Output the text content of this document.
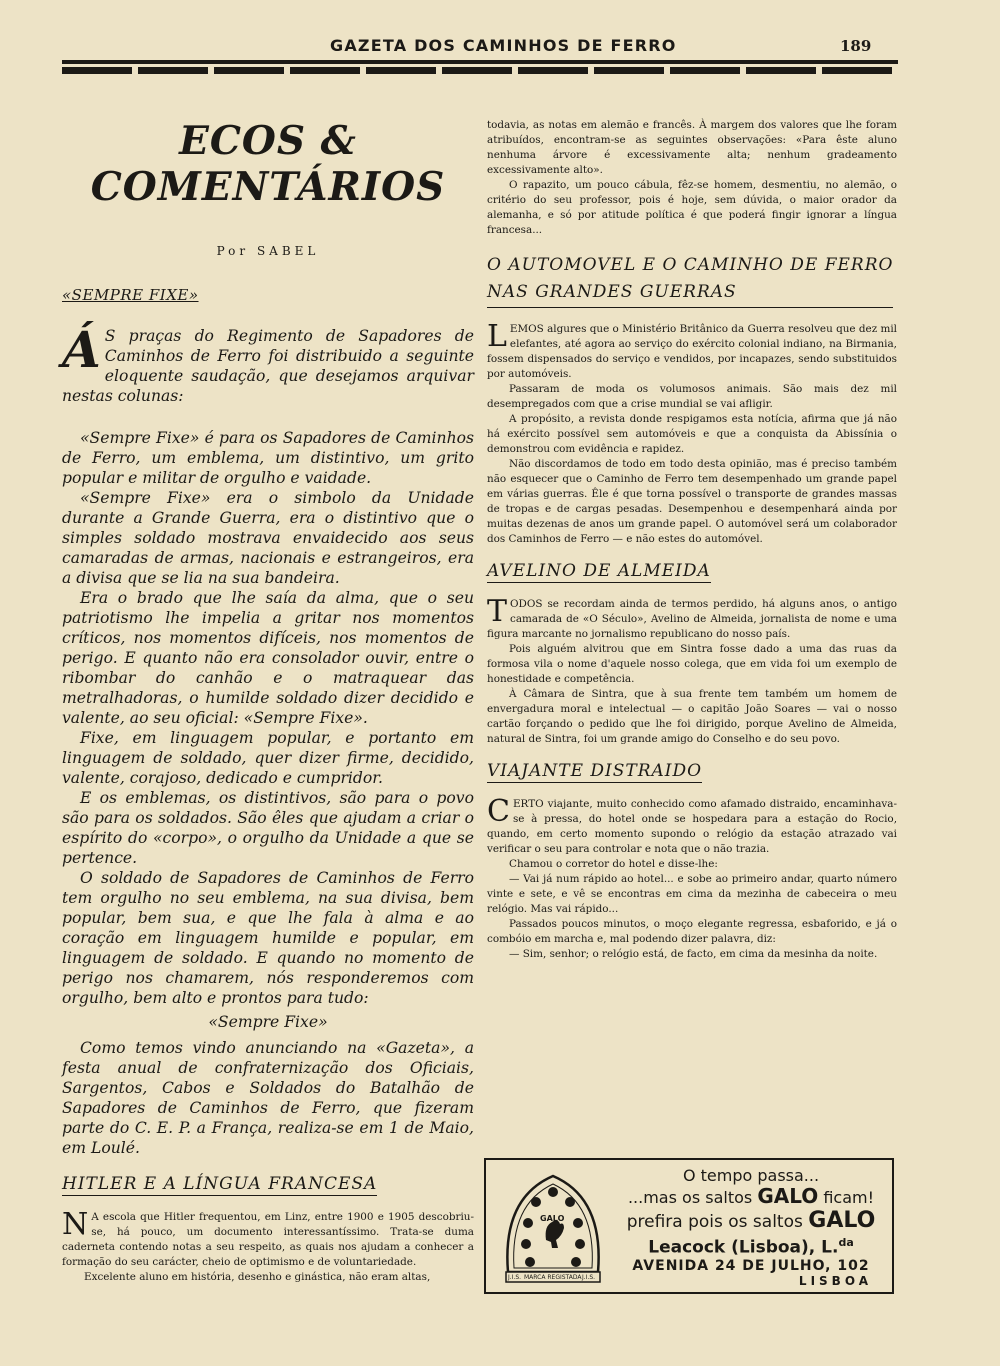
GAZETA DOS CAMINHOS DE FERRO	189
ECOS & COMENTÁRIOS
Por SABEL
«SEMPRE FIXE»

Á S praças do Regimento de Sapadores de Caminhos de Ferro foi distribuido a seguinte eloquente saudação, que desejamos arquivar nestas colunas:

«Sempre Fixe» é para os Sapadores de Caminhos de Ferro, um emblema, um distintivo, um grito popular e militar de orgulho e vaidade.

«Sempre Fixe» era o simbolo da Unidade durante a Grande Guerra, era o distintivo que o simples soldado mostrava envaidecido aos seus camaradas de armas, nacionais e estrangeiros, era a divisa que se lia na sua bandeira.

Era o brado que lhe saía da alma, que o seu patriotismo lhe impelia a gritar nos momentos críticos, nos momentos difíceis, nos momentos de perigo. E quanto não era consolador ouvir, entre o ribombar do canhão e o matraquear das metralhadoras, o humilde soldado dizer decidido e valente, ao seu oficial: «Sempre Fixe».

Fixe, em linguagem popular, e portanto em linguagem de soldado, quer dizer firme, decidido, valente, corajoso, dedicado e cumpridor.

E os emblemas, os distintivos, são para o povo são para os soldados. São êles que ajudam a criar o espírito do «corpo», o orgulho da Unidade a que se pertence.

O soldado de Sapadores de Caminhos de Ferro tem orgulho no seu emblema, na sua divisa, bem popular, bem sua, e que lhe fala à alma e ao coração em linguagem humilde e popular, em linguagem de soldado. E quando no momento de perigo nos chamarem, nós responderemos com orgulho, bem alto e prontos para tudo:

«Sempre Fixe»

Como temos vindo anunciando na «Gazeta», a festa anual de confraternização dos Oficiais, Sargentos, Cabos e Soldados do Batalhão de Sapadores de Caminhos de Ferro, que fizeram parte do C. E. P. a França, realiza-se em 1 de Maio, em Loulé.

HITLER E A LÍNGUA FRANCESA

N A escola que Hitler frequentou, em Linz, entre 1900 e 1905 descobriu-se, há pouco, um documento interessantíssimo. Trata-se duma caderneta contendo notas a seu respeito, as quais nos ajudam a conhecer a formação do seu carácter, cheio de optimismo e de voluntariedade.

Excelente aluno em história, desenho e ginástica, não eram altas,

todavia, as notas em alemão e francês. À margem dos valores que lhe foram atribuídos, encontram-se as seguintes observações: «Para êste aluno nenhuma árvore é excessivamente alta; nenhum gradeamento excessivamente alto».

O rapazito, um pouco cábula, fêz-se homem, desmentiu, no alemão, o critério do seu professor, pois é hoje, sem dúvida, o maior orador da alemanha, e só por atitude política é que poderá fingir ignorar a língua francesa...

O AUTOMOVEL E O CAMINHO DE FERRO
NAS GRANDES GUERRAS

LEMOS algures que o Ministério Britânico da Guerra resolveu que dez mil elefantes, até agora ao serviço do exército colonial indiano, na Birmania, fossem dispensados do serviço e vendidos, por incapazes, sendo substituidos por automóveis.

Passaram de moda os volumosos animais. São mais dez mil desempregados com que a crise mundial se vai afligir.

A propósito, a revista donde respigamos esta notícia, afirma que já não há exército possível sem automóveis e que a conquista da Abissínia o demonstrou com evidência e rapidez.

Não discordamos de todo em todo desta opinião, mas é preciso também não esquecer que o Caminho de Ferro tem desempenhado um grande papel em várias guerras. Êle é que torna possível o transporte de grandes massas de tropas e de cargas pesadas. Desempenhou e desempenhará ainda por muitas dezenas de anos um grande papel. O automóvel será um colaborador dos Caminhos de Ferro — e não estes do automóvel.

AVELINO DE ALMEIDA

TODOS se recordam ainda de termos perdido, há alguns anos, o antigo camarada de «O Século», Avelino de Almeida, jornalista de nome e uma figura marcante no jornalismo republicano do nosso país.

Pois alguém alvitrou que em Sintra fosse dado a uma das ruas da formosa vila o nome d'aquele nosso colega, que em vida foi um exemplo de honestidade e competência.

À Câmara de Sintra, que à sua frente tem também um homem de envergadura moral e intelectual — o capitão João Soares — vai o nosso cartão forçando o pedido que lhe foi dirigido, porque Avelino de Almeida, natural de Sintra, foi um grande amigo do Conselho e do seu povo.

VIAJANTE DISTRAIDO

CERTO viajante, muito conhecido como afamado distraido, encaminhava-se à pressa, do hotel onde se hospedara para a estação do Rocio, quando, em certo momento supondo o relógio da estação atrazado vai verificar o seu para controlar e nota que o não trazia.

Chamou o corretor do hotel e disse-lhe:

— Vai já num rápido ao hotel... e sobe ao primeiro andar, quarto número vinte e sete, e vê se encontras em cima da mezinha de cabeceira o meu relógio. Mas vai rápido...

Passados poucos minutos, o moço elegante regressa, esbaforido, e já o combóio em marcha e, mal podendo dizer palavra, diz:

— Sim, senhor; o relógio está, de facto, em cima da mesinha da noite.

GALO
J.I.S. MARCA REGISTADA J.I.S.
O tempo passa...
...mas os saltos GALO ficam!
prefira pois os saltos GALO
Leacock (Lisboa), L.$^{da}$
AVENIDA 24 DE JULHO, 102
LISBOA
